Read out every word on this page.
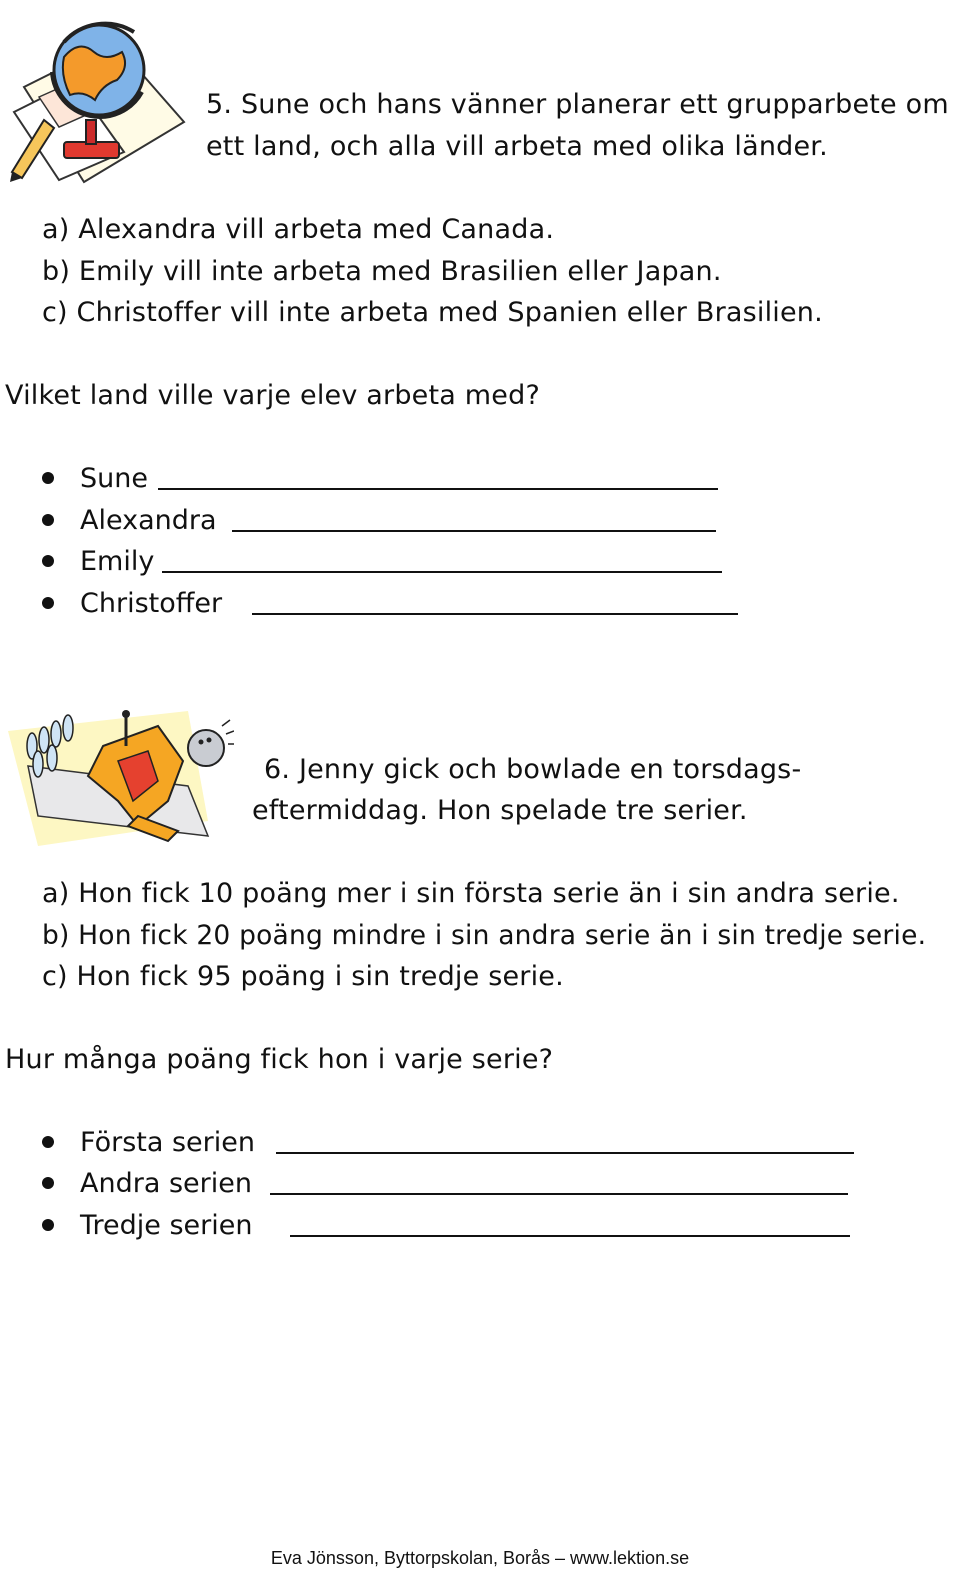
5. Sune och hans vänner planerar ett grupparbete om
ett land, och alla vill arbeta med olika länder.
a) Alexandra vill arbeta med Canada.
b) Emily vill inte arbeta med Brasilien eller Japan.
c) Christoffer vill inte arbeta med Spanien eller Brasilien.
Vilket land ville varje elev arbeta med?
Sune
Alexandra
Emily
Christoffer
6. Jenny gick och bowlade en torsdags-
eftermiddag. Hon spelade tre serier.
a) Hon fick 10 poäng mer i sin första serie än i sin andra serie.
b) Hon fick 20 poäng mindre i sin andra serie än i sin tredje serie.
c) Hon fick 95 poäng i sin tredje serie.
Hur många poäng fick hon i varje serie?
Första serien
Andra serien
Tredje serien
Eva Jönsson, Byttorpskolan, Borås – www.lektion.se
